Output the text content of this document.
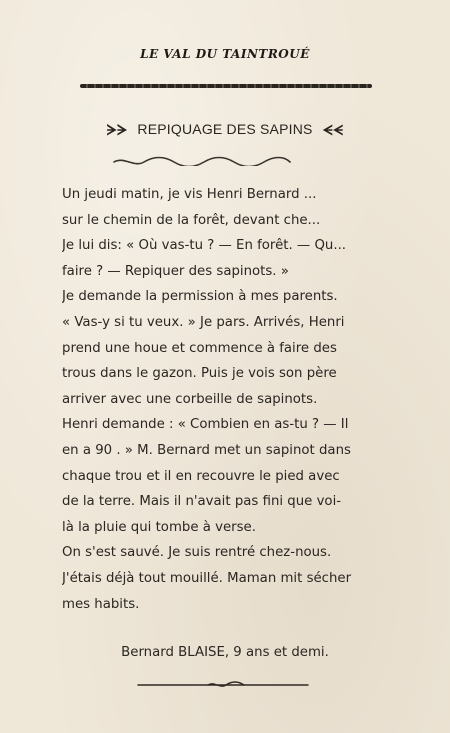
LE VAL DU TAINTROUÉ
ᗒᗒ REPIQUAGE DES SAPINS ᗕᗕ
Un jeudi matin, je vis Henri Bernard ...
sur le chemin de la forêt, devant che...
Je lui dis: « Où vas-tu ? — En forêt. — Qu...
faire ? — Repiquer des sapinots. »
Je demande la permission à mes parents.
« Vas-y si tu veux. » Je pars. Arrivés, Henri
prend une houe et commence à faire des
trous dans le gazon. Puis je vois son père
arriver avec une corbeille de sapinots.
Henri demande : « Combien en as-tu ? — Il
en a 90 . » M. Bernard met un sapinot dans
chaque trou et il en recouvre le pied avec
de la terre. Mais il n'avait pas fini que voi-
là la pluie qui tombe à verse.
On s'est sauvé. Je suis rentré chez-nous.
J'étais déjà tout mouillé. Maman mit sécher
mes habits.
Bernard BLAISE, 9 ans et demi.
